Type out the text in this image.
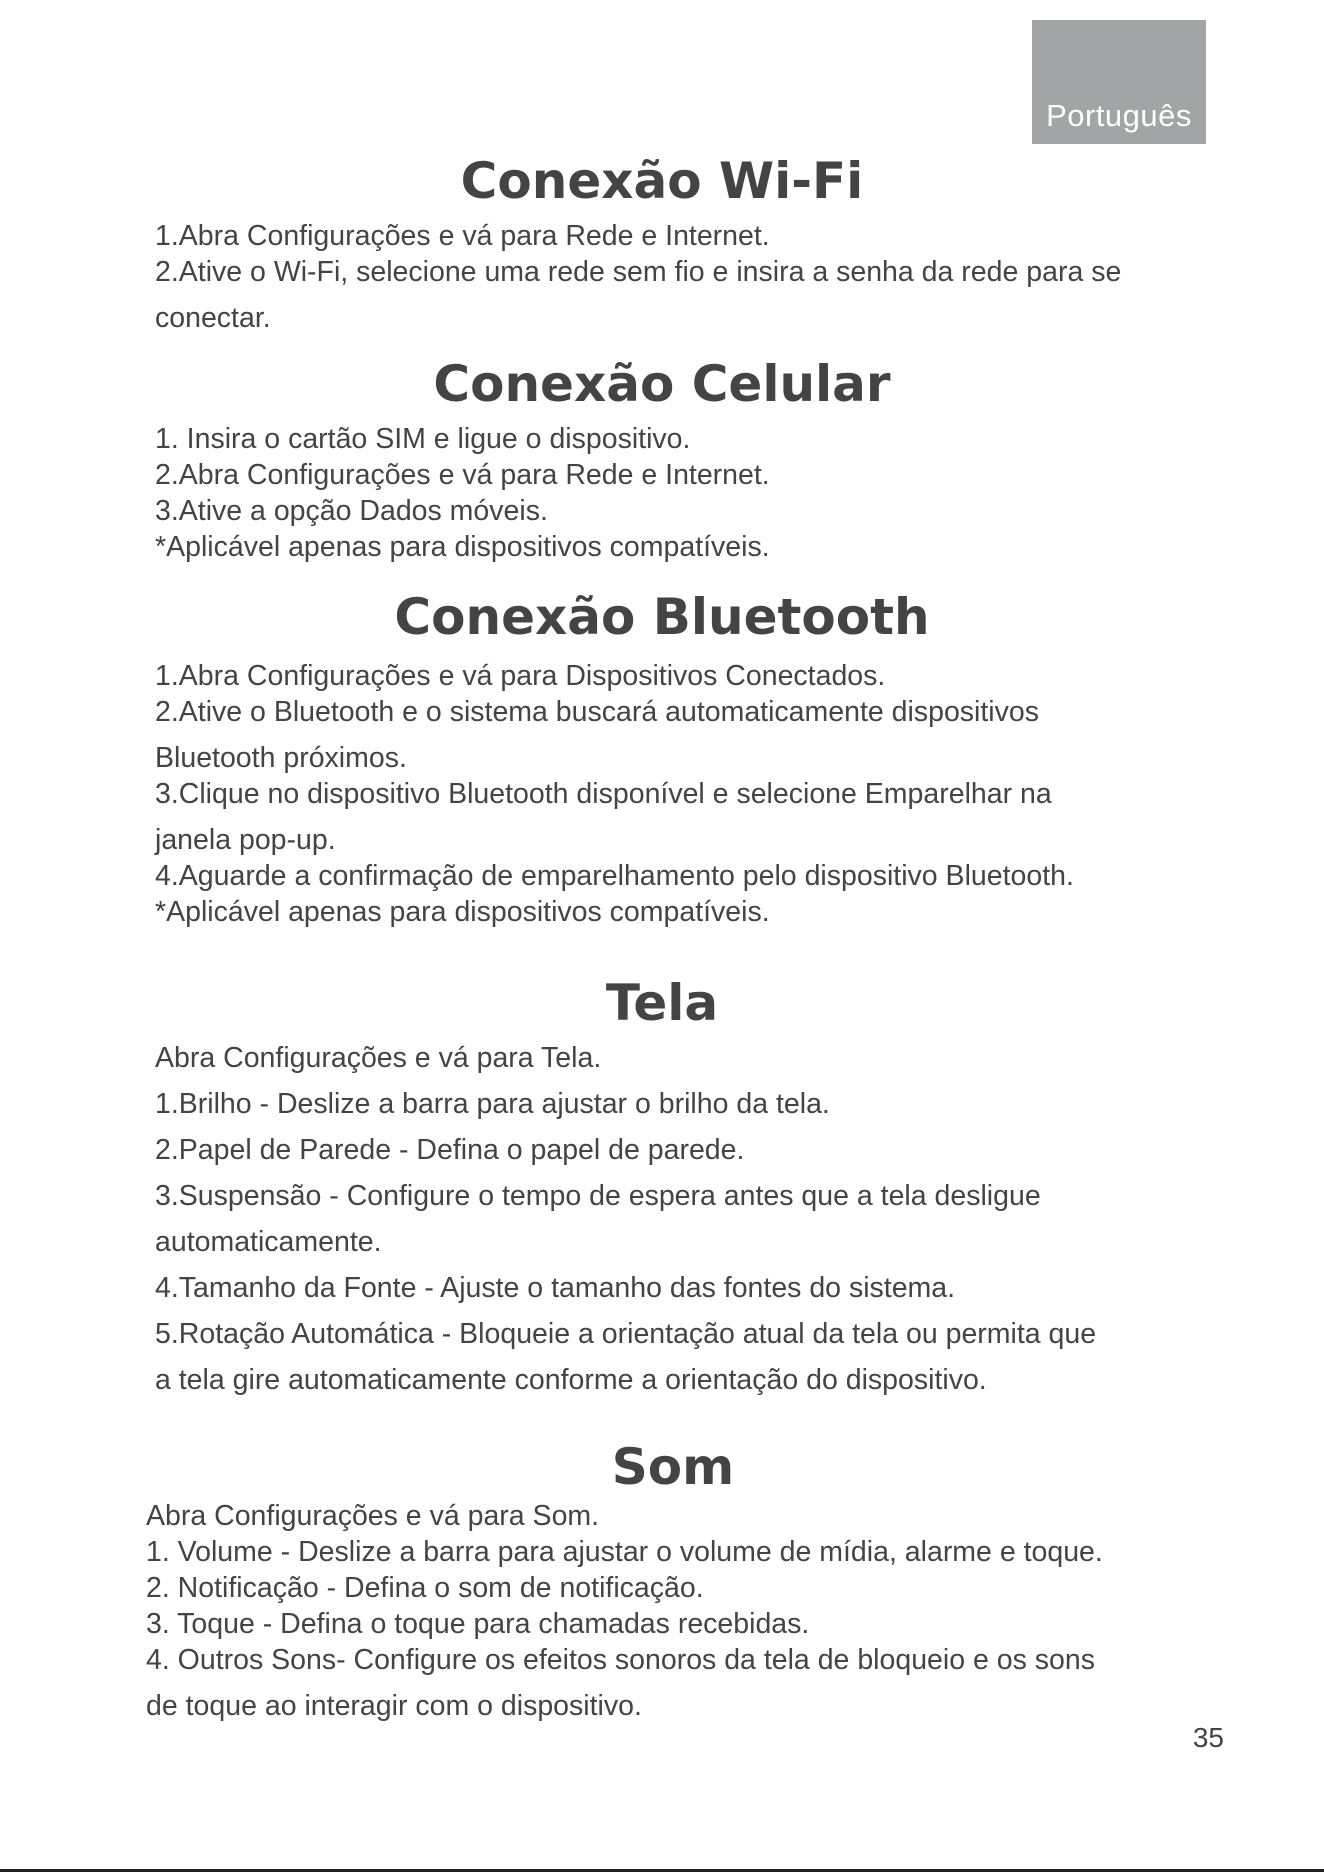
Português
Conexão Wi-Fi
1.Abra Configurações e vá para Rede e Internet.
2.Ative o Wi-Fi, selecione uma rede sem fio e insira a senha da rede para se
conectar.
Conexão Celular
1. Insira o cartão SIM e ligue o dispositivo.
2.Abra Configurações e vá para Rede e Internet.
3.Ative a opção Dados móveis.
*Aplicável apenas para dispositivos compatíveis.
Conexão Bluetooth
1.Abra Configurações e vá para Dispositivos Conectados.
2.Ative o Bluetooth e o sistema buscará automaticamente dispositivos
Bluetooth próximos.
3.Clique no dispositivo Bluetooth disponível e selecione Emparelhar na
janela pop-up.
4.Aguarde a confirmação de emparelhamento pelo dispositivo Bluetooth.
*Aplicável apenas para dispositivos compatíveis.
Tela
Abra Configurações e vá para Tela.
1.Brilho - Deslize a barra para ajustar o brilho da tela.
2.Papel de Parede - Defina o papel de parede.
3.Suspensão - Configure o tempo de espera antes que a tela desligue
automaticamente.
4.Tamanho da Fonte - Ajuste o tamanho das fontes do sistema.
5.Rotação Automática - Bloqueie a orientação atual da tela ou permita que
a tela gire automaticamente conforme a orientação do dispositivo.
Som
Abra Configurações e vá para Som.
1. Volume - Deslize a barra para ajustar o volume de mídia, alarme e toque.
2. Notificação - Defina o som de notificação.
3. Toque - Defina o toque para chamadas recebidas.
4. Outros Sons- Configure os efeitos sonoros da tela de bloqueio e os sons
de toque ao interagir com o dispositivo.
35
